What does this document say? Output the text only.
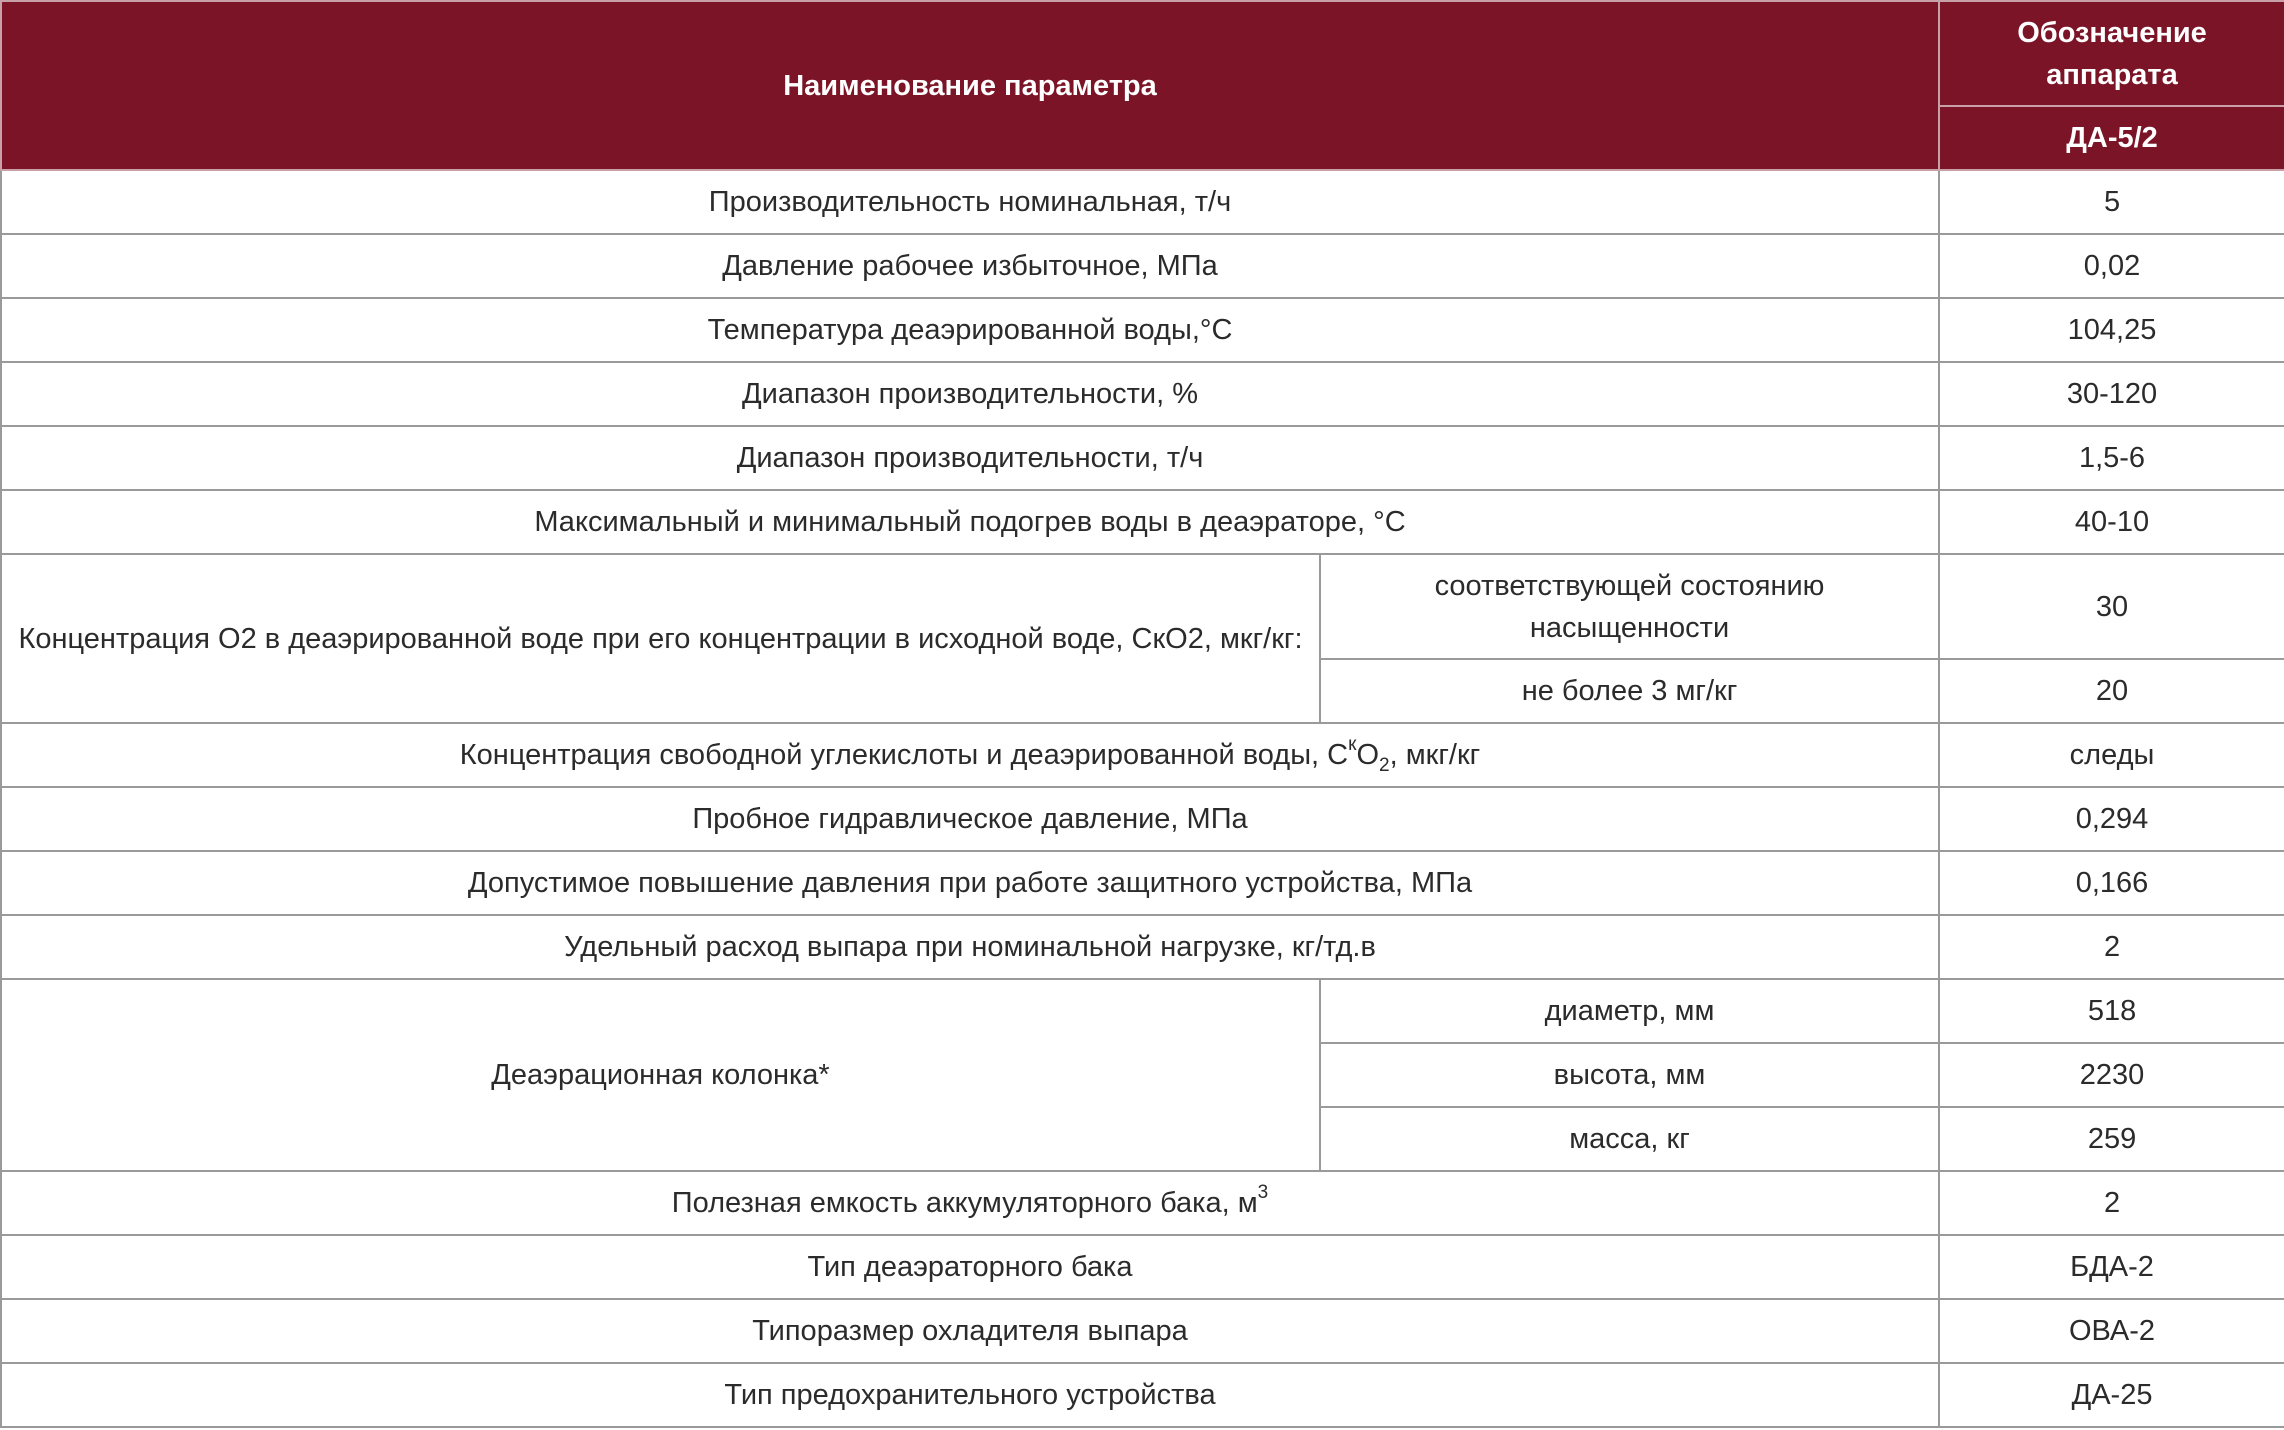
Наименование параметра		Обозначение аппарата
		ДА-5/2
Производительность номинальная, т/ч		5
Давление рабочее избыточное, МПа		0,02
Температура деаэрированной воды,°С		104,25
Диапазон производительности, %		30-120
Диапазон производительности, т/ч		1,5-6
Максимальный и минимальный подогрев воды в деаэраторе, °С		40-10
Концентрация О2 в деаэрированной воде при его концентрации в исходной воде, СкО2, мкг/кг:	соответствующей состоянию насыщенности	30
	не более 3 мг/кг	20
Концентрация свободной углекислоты и деаэрированной воды, $С^кО_2$, мкг/кг		следы
Пробное гидравлическое давление, МПа		0,294
Допустимое повышение давления при работе защитного устройства, МПа		0,166
Удельный расход выпара при номинальной нагрузке, кг/тд.в		2
Деаэрационная колонка*	диаметр, мм	518
	высота, мм	2230
	масса, кг	259
Полезная емкость аккумуляторного бака, $м^3$		2
Тип деаэраторного бака		БДА-2
Типоразмер охладителя выпара		ОВА-2
Тип предохранительного устройства		ДА-25
